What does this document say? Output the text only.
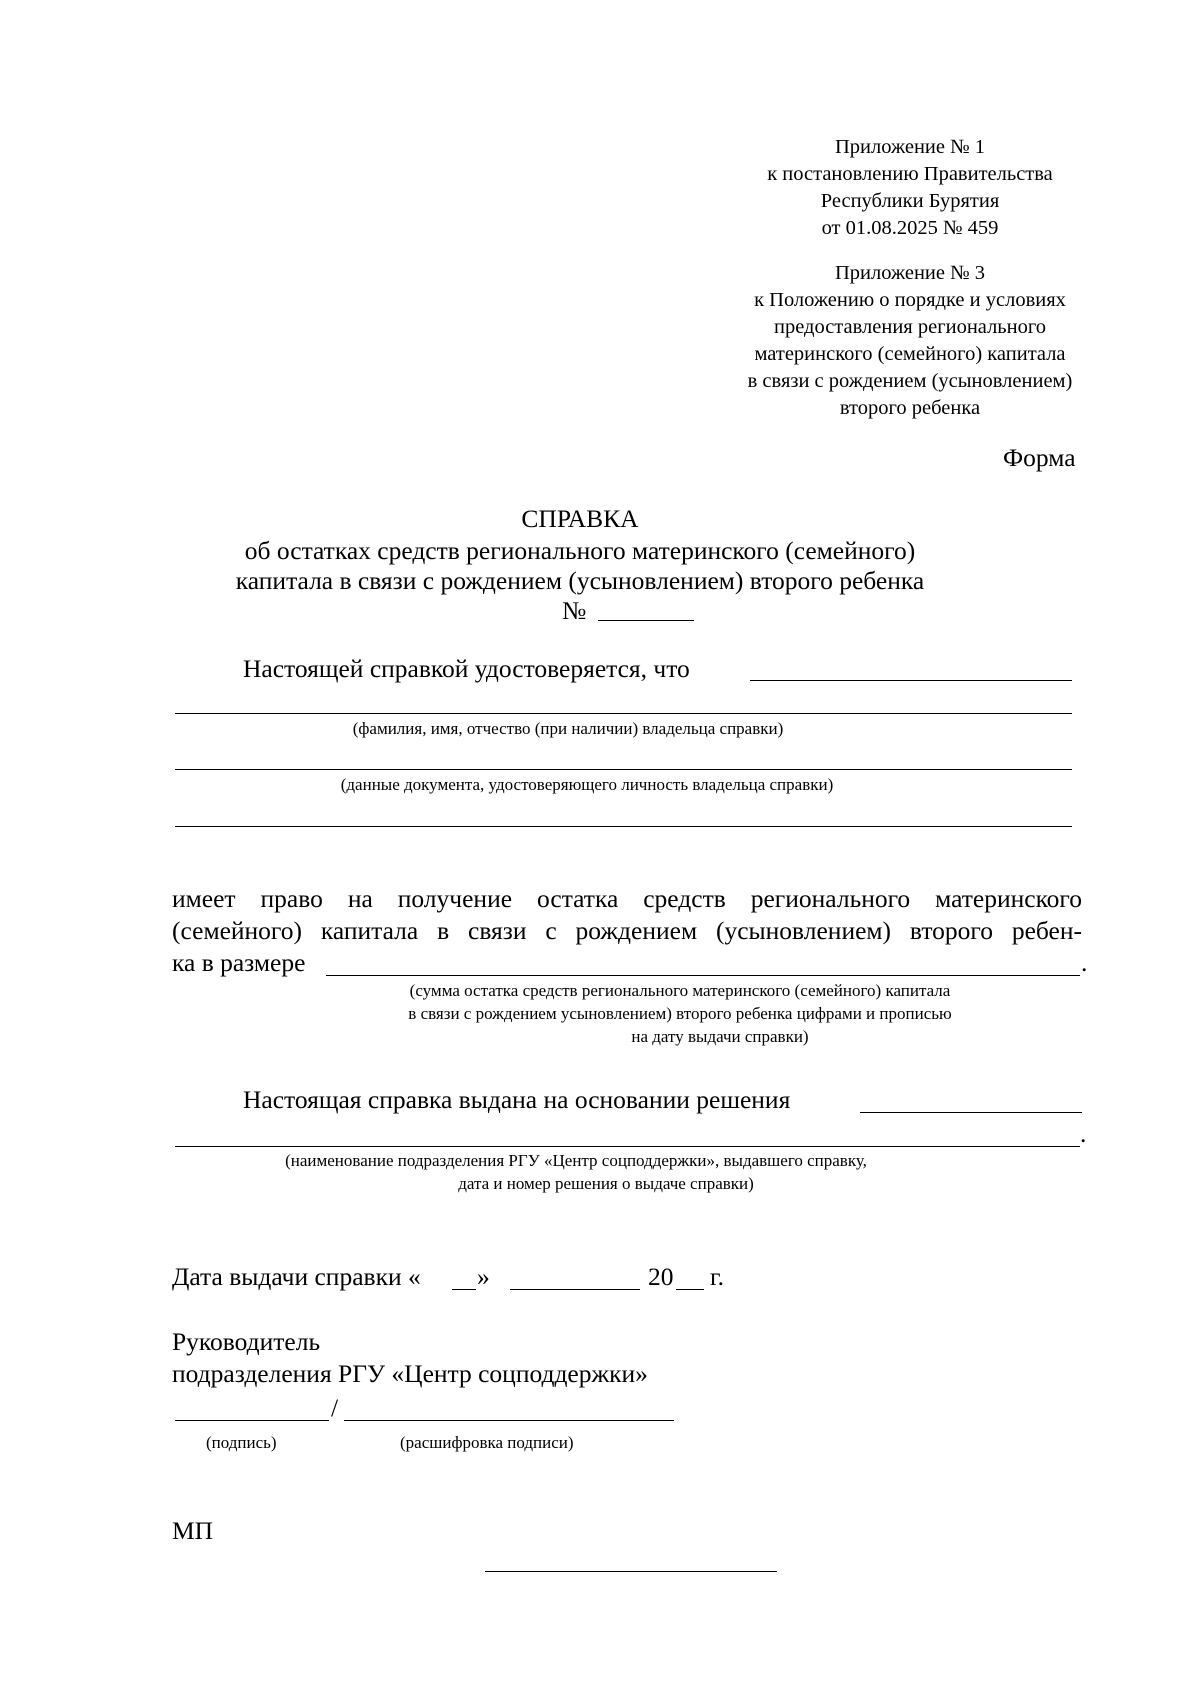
Приложение № 1
к постановлению Правительства
Республики Бурятия
от 01.08.2025 № 459
Приложение № 3
к Положению о порядке и условиях
предоставления регионального
материнского (семейного) капитала
в связи с рождением (усыновлением)
второго ребенка
Форма
СПРАВКА
об остатках средств регионального материнского (семейного)
капитала в связи с рождением (усыновлением) второго ребенка
№
Настоящей справкой удостоверяется, что
(фамилия, имя, отчество (при наличии) владельца справки)
(данные документа, удостоверяющего личность владельца справки)
имеет право на получение остатка средств регионального материнского
(семейного) капитала в связи с рождением (усыновлением) второго ребен-
ка в размере	.
(сумма остатка средств регионального материнского (семейного) капитала
в связи с рождением усыновлением) второго ребенка цифрами и прописью
на дату выдачи справки)
Настоящая справка выдана на основании решения
.
(наименование подразделения РГУ «Центр соцподдержки», выдавшего справку,
дата и номер решения о выдаче справки)
Дата выдачи справки « »	20 г.
Руководитель
подразделения РГУ «Центр соцподдержки»
/
(подпись)	(расшифровка подписи)
МП
